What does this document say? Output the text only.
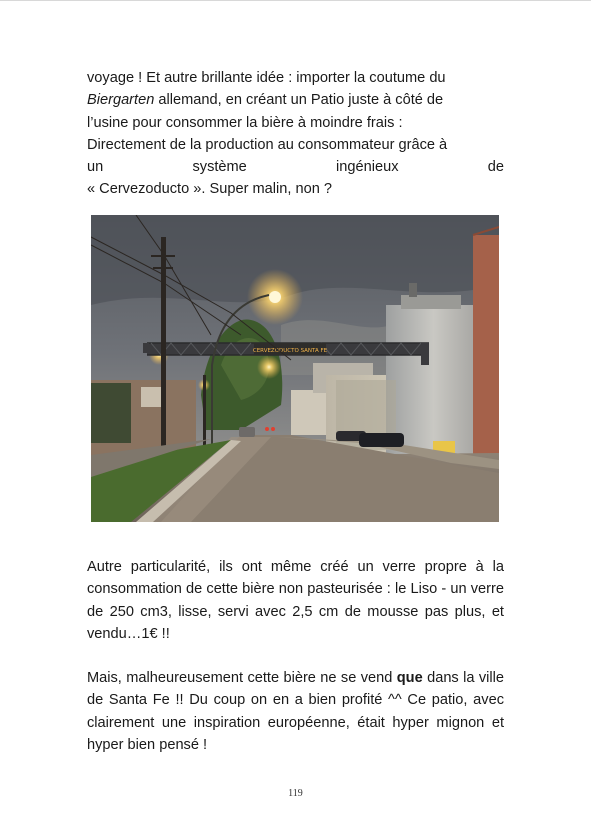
voyage ! Et autre brillante idée : importer la coutume du
Biergarten allemand, en créant un Patio juste à côté de
l’usine pour consommer la bière à moindre frais :
Directement de la production au consommateur grâce à
un	système	ingénieux	de
« Cervezoducto ». Super malin, non ?
CERVEZODUCTO SANTA FE

Autre particularité, ils ont même créé un verre propre à la consommation de cette bière non pasteurisée : le Liso - un verre de 250 cm3, lisse, servi avec 2,5 cm de mousse pas plus, et vendu…1€ !!

Mais, malheureusement cette bière ne se vend que dans la ville de Santa Fe !! Du coup on en a bien profité ^^ Ce patio, avec clairement une inspiration européenne, était hyper mignon et hyper bien pensé !

119
